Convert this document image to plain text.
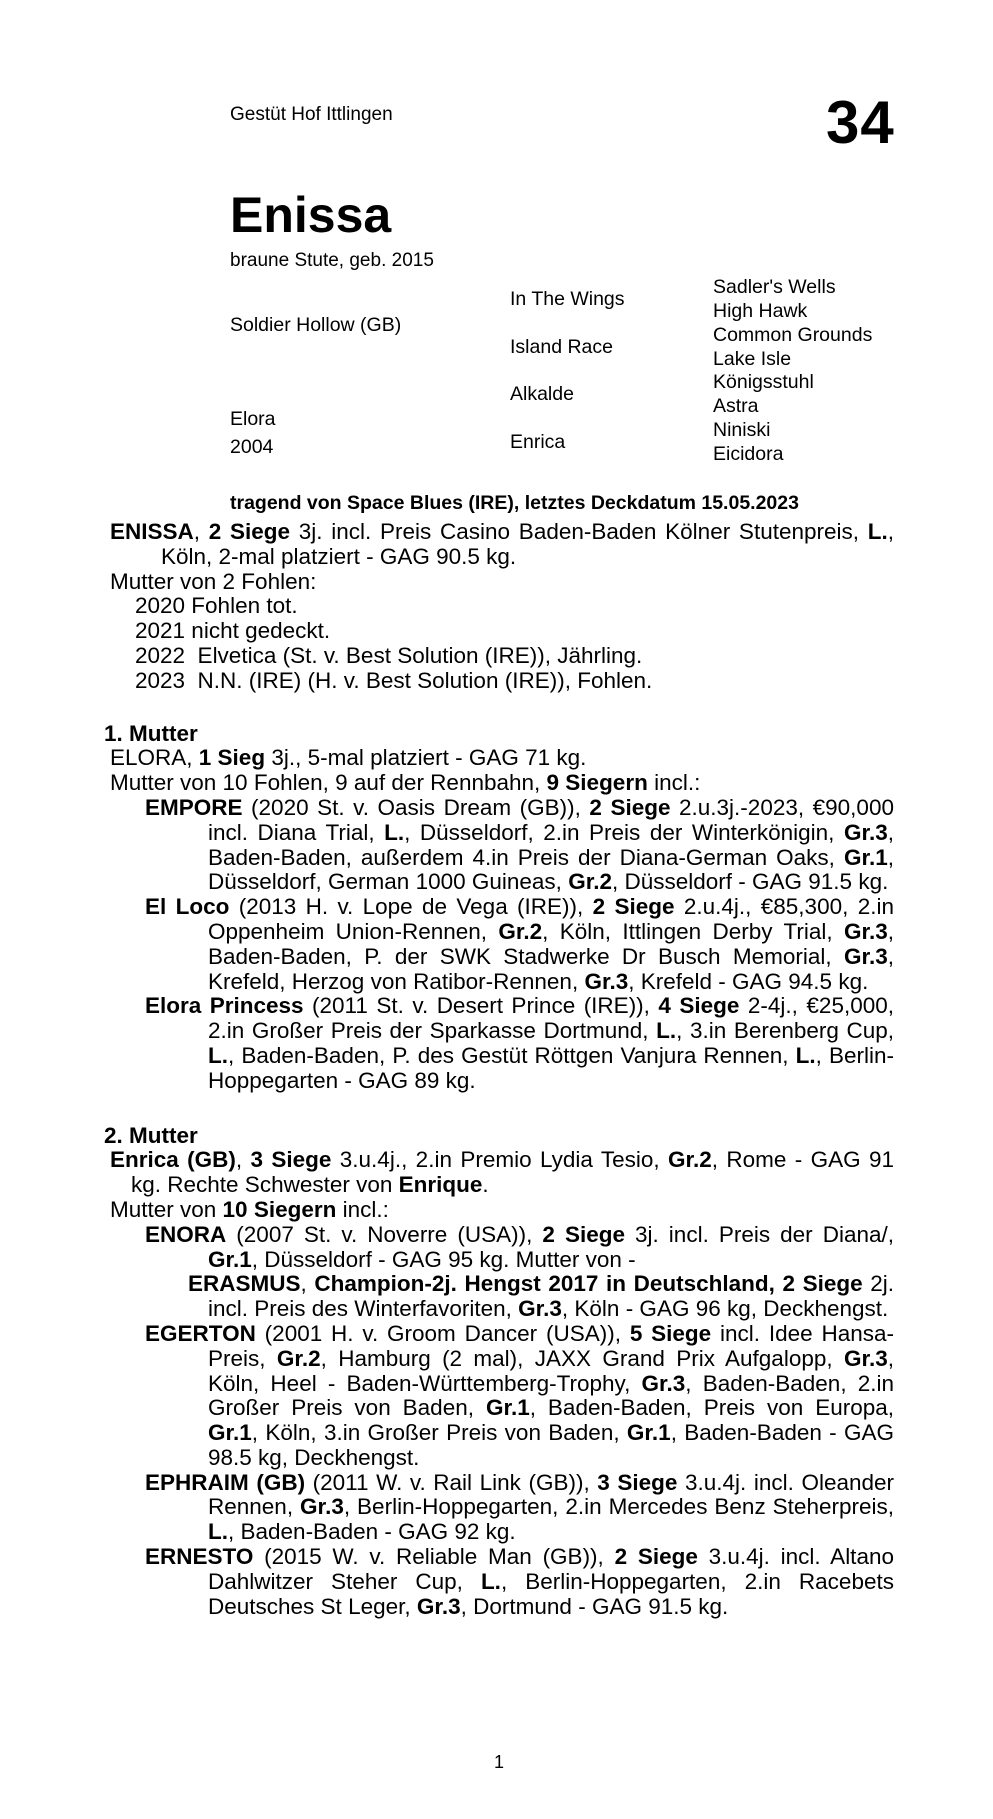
Gestüt Hof Ittlingen	34
Enissa
braune Stute, geb. 2015
Soldier Hollow (GB)
Elora
2004
In The Wings
Island Race
Alkalde
Enrica
Sadler's Wells
High Hawk
Common Grounds
Lake Isle
Königsstuhl
Astra
Niniski
Eicidora
tragend von Space Blues (IRE), letztes Deckdatum 15.05.2023

ENISSA, 2 Siege 3j. incl. Preis Casino Baden-Baden Kölner Stutenpreis, L., Köln, 2-mal platziert - GAG 90.5 kg.

Mutter von 2 Fohlen:

2020 Fohlen tot.
2021 nicht gedeckt.
2022  Elvetica (St. v. Best Solution (IRE)), Jährling.
2023  N.N. (IRE) (H. v. Best Solution (IRE)), Fohlen.
1. Mutter

ELORA, 1 Sieg 3j., 5-mal platziert - GAG 71 kg.

Mutter von 10 Fohlen, 9 auf der Rennbahn, 9 Siegern incl.:

EMPORE (2020 St. v. Oasis Dream (GB)), 2 Siege 2.u.3j.-2023, €90,000 incl. Diana Trial, L., Düsseldorf, 2.in Preis der Winterkönigin, Gr.3, Baden-Baden, außerdem 4.in Preis der Diana-German Oaks, Gr.1, Düsseldorf, German 1000 Guineas, Gr.2, Düsseldorf - GAG 91.5 kg.

El Loco (2013 H. v. Lope de Vega (IRE)), 2 Siege 2.u.4j., €85,300, 2.in Oppenheim Union-Rennen, Gr.2, Köln, Ittlingen Derby Trial, Gr.3, Baden-Baden, P. der SWK Stadwerke Dr Busch Memorial, Gr.3, Krefeld, Herzog von Ratibor-Rennen, Gr.3, Krefeld - GAG 94.5 kg.

Elora Princess (2011 St. v. Desert Prince (IRE)), 4 Siege 2-4j., €25,000, 2.in Großer Preis der Sparkasse Dortmund, L., 3.in Berenberg Cup, L., Baden-Baden, P. des Gestüt Röttgen Vanjura Rennen, L., Berlin-Hoppegarten - GAG 89 kg.

2. Mutter

Enrica (GB), 3 Siege 3.u.4j., 2.in Premio Lydia Tesio, Gr.2, Rome - GAG 91 kg. Rechte Schwester von Enrique.

Mutter von 10 Siegern incl.:

ENORA (2007 St. v. Noverre (USA)), 2 Siege 3j. incl. Preis der Diana/, Gr.1, Düsseldorf - GAG 95 kg. Mutter von -

ERASMUS, Champion-2j. Hengst 2017 in Deutschland, 2 Siege 2j. incl. Preis des Winterfavoriten, Gr.3, Köln - GAG 96 kg, Deckhengst.

EGERTON (2001 H. v. Groom Dancer (USA)), 5 Siege incl. Idee Hansa-Preis, Gr.2, Hamburg (2 mal), JAXX Grand Prix Aufgalopp, Gr.3, Köln, Heel - Baden-Württemberg-Trophy, Gr.3, Baden-Baden, 2.in Großer Preis von Baden, Gr.1, Baden-Baden, Preis von Europa, Gr.1, Köln, 3.in Großer Preis von Baden, Gr.1, Baden-Baden - GAG 98.5 kg, Deckhengst.

EPHRAIM (GB) (2011 W. v. Rail Link (GB)), 3 Siege 3.u.4j. incl. Oleander Rennen, Gr.3, Berlin-Hoppegarten, 2.in Mercedes Benz Steherpreis, L., Baden-Baden - GAG 92 kg.

ERNESTO (2015 W. v. Reliable Man (GB)), 2 Siege 3.u.4j. incl. Altano Dahlwitzer Steher Cup, L., Berlin-Hoppegarten, 2.in Racebets Deutsches St Leger, Gr.3, Dortmund - GAG 91.5 kg.

1
